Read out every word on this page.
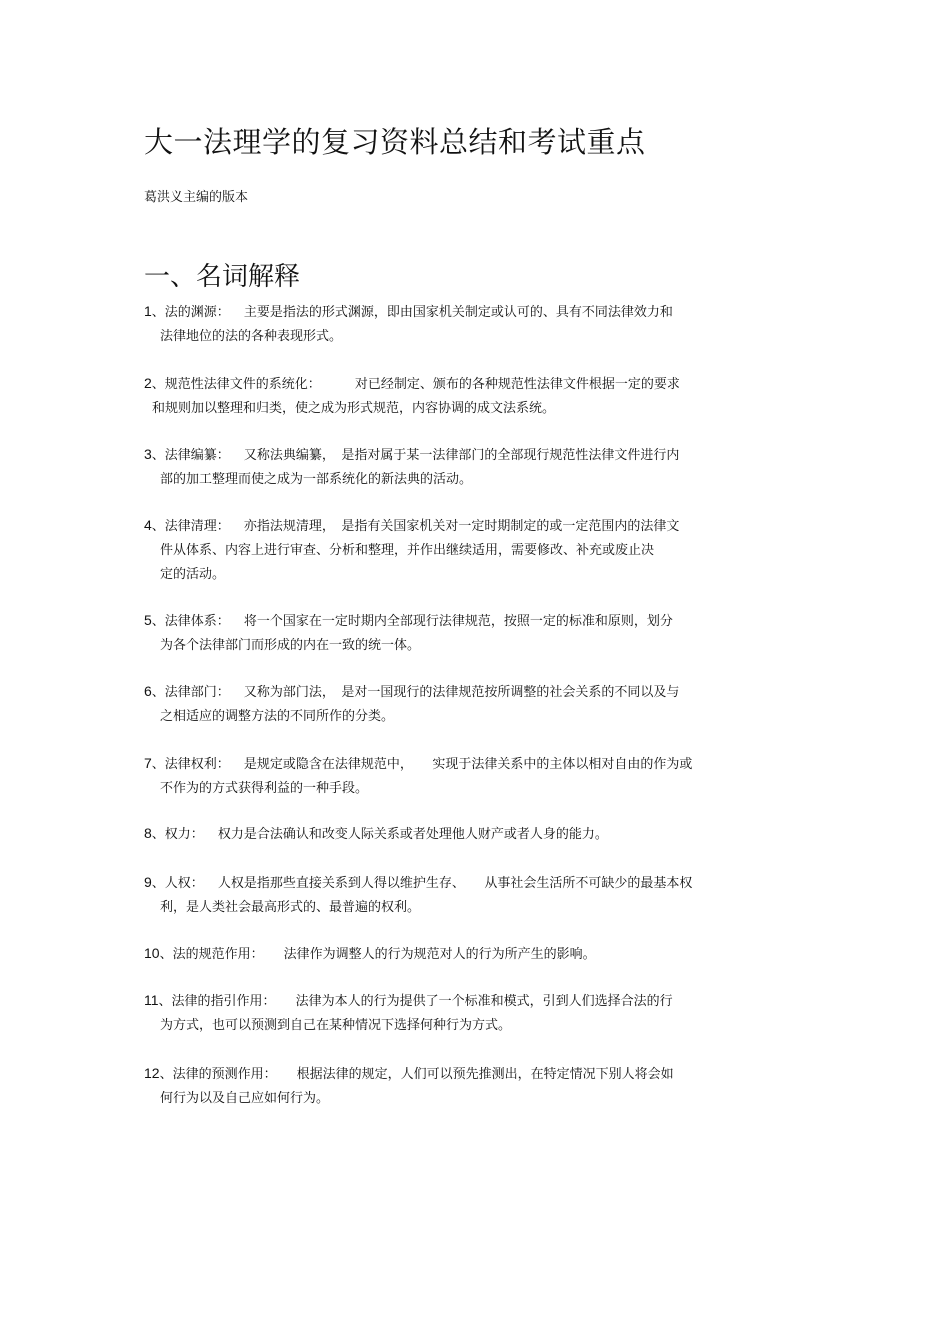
大一法理学的复习资料总结和考试重点
葛洪义主编的版本
一、名词解释
1、法的渊源： 主要是指法的形式渊源，即由国家机关制定或认可的、具有不同法律效力和
法律地位的法的各种表现形式。
2、规范性法律文件的系统化：	对已经制定、颁布的各种规范性法律文件根据一定的要求
和规则加以整理和归类，使之成为形式规范，内容协调的成文法系统。
3、法律编纂： 又称法典编纂，　是指对属于某一法律部门的全部现行规范性法律文件进行内
部的加工整理而使之成为一部系统化的新法典的活动。
4、法律清理： 亦指法规清理，　是指有关国家机关对一定时期制定的或一定范围内的法律文
件从体系、内容上进行审查、分析和整理，并作出继续适用，需要修改、补充或废止决
定的活动。
5、法律体系： 将一个国家在一定时期内全部现行法律规范，按照一定的标准和原则，划分
为各个法律部门而形成的内在一致的统一体。
6、法律部门： 又称为部门法，　是对一国现行的法律规范按所调整的社会关系的不同以及与
之相适应的调整方法的不同所作的分类。
7、法律权利： 是规定或隐含在法律规范中，　　实现于法律关系中的主体以相对自由的作为或
不作为的方式获得利益的一种手段。
8、权力： 权力是合法确认和改变人际关系或者处理他人财产或者人身的能力。
9、人权： 人权是指那些直接关系到人得以维护生存、　　从事社会生活所不可缺少的最基本权
利，是人类社会最高形式的、最普遍的权利。
10、法的规范作用： 法律作为调整人的行为规范对人的行为所产生的影响。
11、法律的指引作用： 法律为本人的行为提供了一个标准和模式，引到人们选择合法的行
为方式，也可以预测到自己在某种情况下选择何种行为方式。
12、法律的预测作用： 根据法律的规定，人们可以预先推测出，在特定情况下别人将会如
何行为以及自己应如何行为。
